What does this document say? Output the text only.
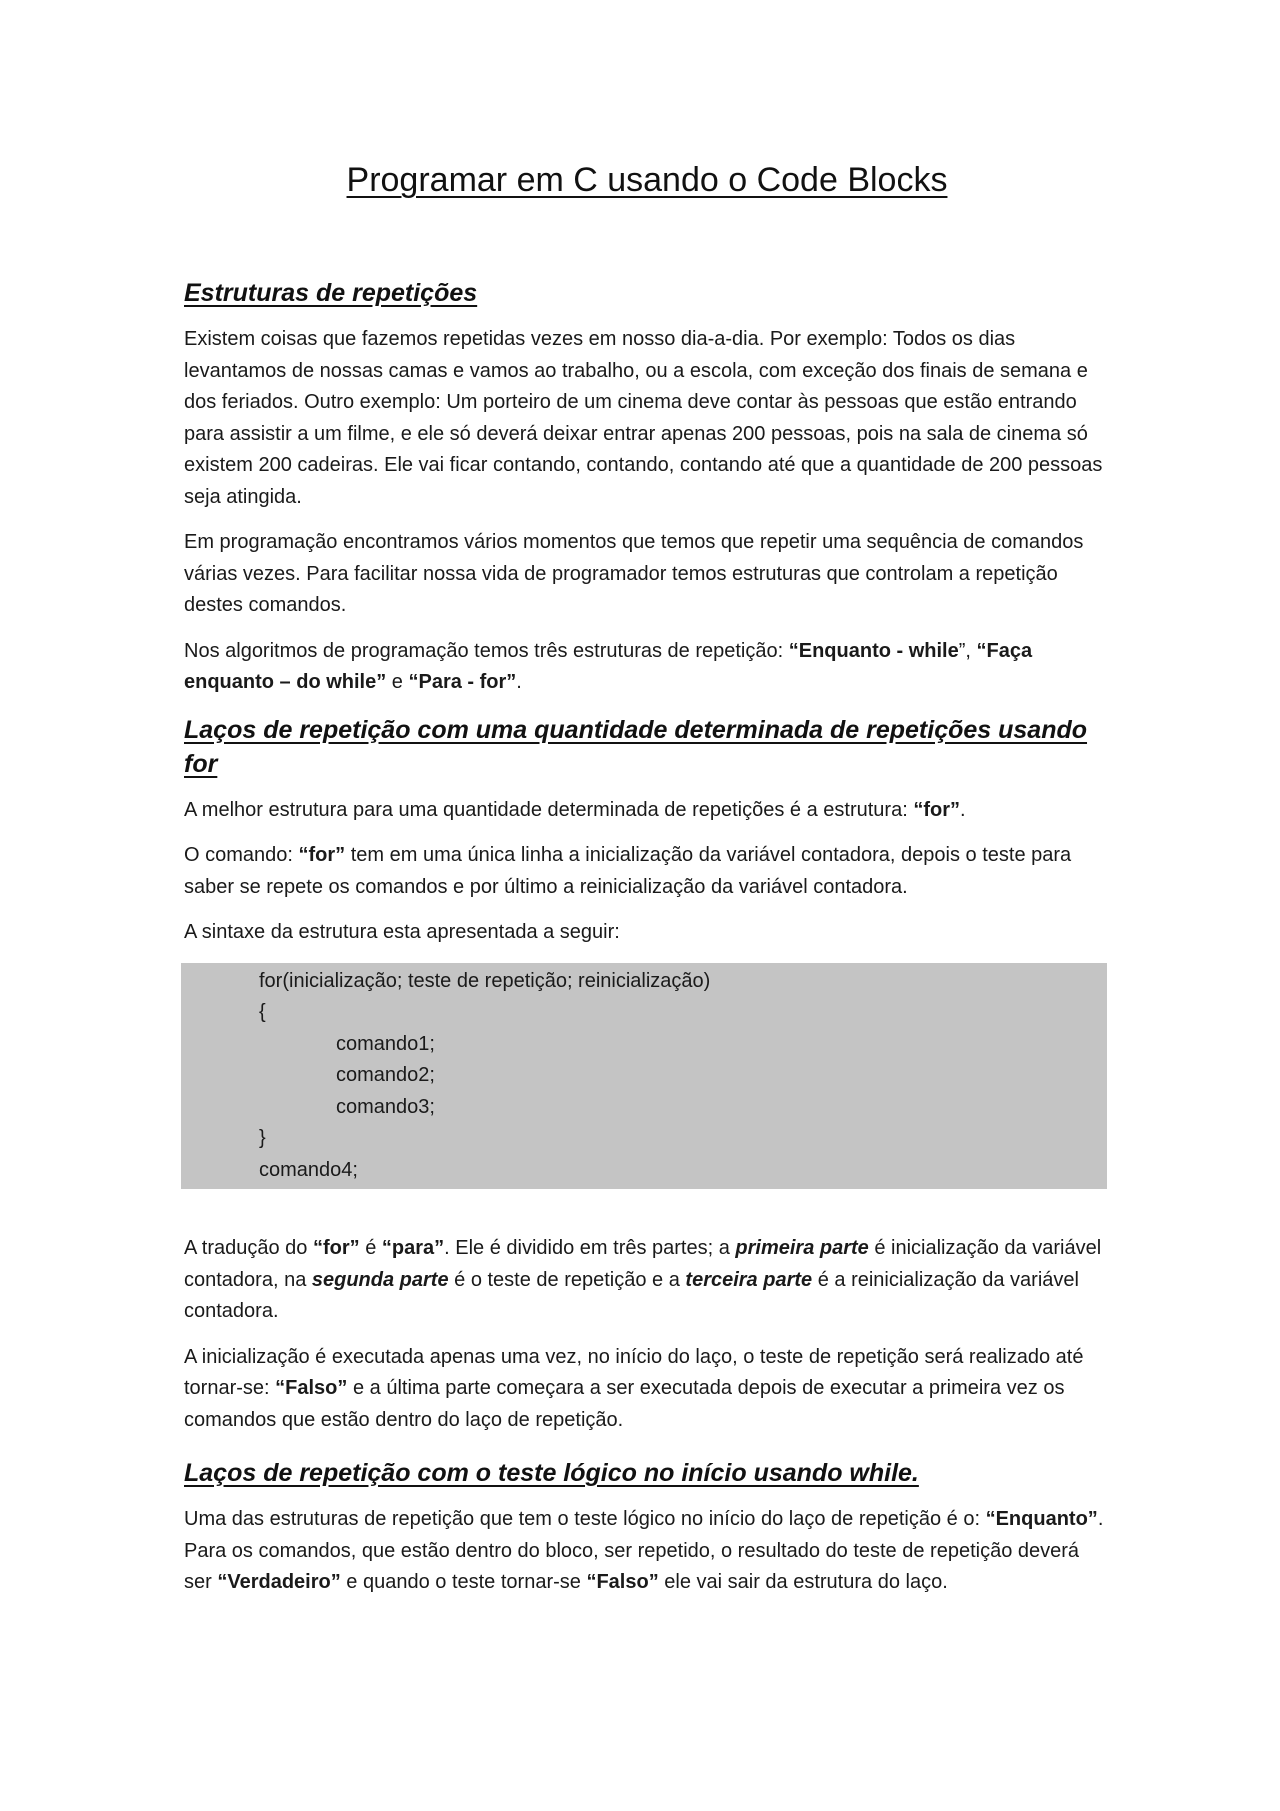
Programar em C usando o Code Blocks
Estruturas de repetições

Existem coisas que fazemos repetidas vezes em nosso dia-a-dia. Por exemplo: Todos os dias levantamos de nossas camas e vamos ao trabalho, ou a escola, com exceção dos finais de semana e dos feriados. Outro exemplo: Um porteiro de um cinema deve contar às pessoas que estão entrando para assistir a um filme, e ele só deverá deixar entrar apenas 200 pessoas, pois na sala de cinema só existem 200 cadeiras. Ele vai ficar contando, contando, contando até que a quantidade de 200 pessoas seja atingida.

Em programação encontramos vários momentos que temos que repetir uma sequência de comandos várias vezes. Para facilitar nossa vida de programador temos estruturas que controlam a repetição destes comandos.

Nos algoritmos de programação temos três estruturas de repetição: “Enquanto - while”, “Faça enquanto – do while” e “Para - for”.

Laços de repetição com uma quantidade determinada de repetições usando for

A melhor estrutura para uma quantidade determinada de repetições é a estrutura: “for”.

O comando: “for” tem em uma única linha a inicialização da variável contadora, depois o teste para saber se repete os comandos e por último a reinicialização da variável contadora.

A sintaxe da estrutura esta apresentada a seguir:

for(inicialização; teste de repetição; reinicialização)
{
comando1;
comando2;
comando3;
}
comando4;

A tradução do “for” é “para”. Ele é dividido em três partes; a primeira parte é inicialização da variável contadora, na segunda parte é o teste de repetição e a terceira parte é a reinicialização da variável contadora.

A inicialização é executada apenas uma vez, no início do laço, o teste de repetição será realizado até tornar-se: “Falso” e a última parte começara a ser executada depois de executar a primeira vez os comandos que estão dentro do laço de repetição.

Laços de repetição com o teste lógico no início usando while.

Uma das estruturas de repetição que tem o teste lógico no início do laço de repetição é o: “Enquanto”. Para os comandos, que estão dentro do bloco, ser repetido, o resultado do teste de repetição deverá ser “Verdadeiro” e quando o teste tornar-se “Falso” ele vai sair da estrutura do laço.
